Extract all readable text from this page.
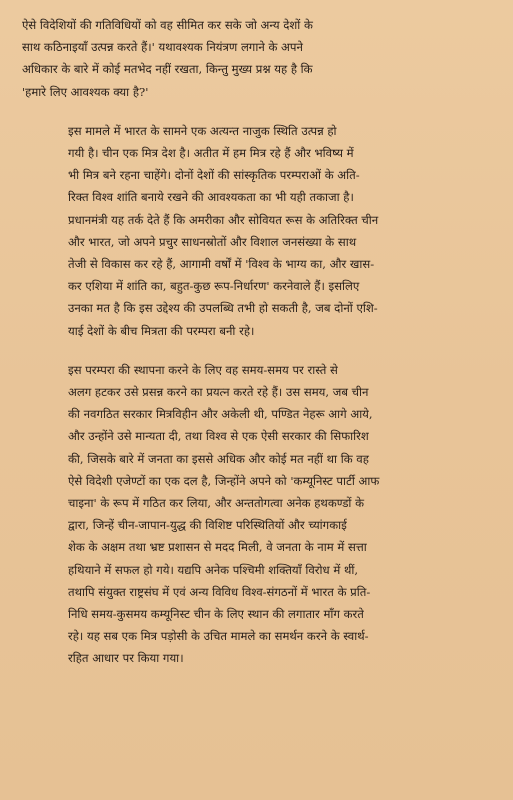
ऐसे विदेशियों की गतिविधियों को वह सीमित कर सके जो अन्य देशों के
साथ कठिनाइयाँ उत्पन्न करते हैं।' यथावश्यक नियंत्रण लगाने के अपने
अधिकार के बारे में कोई मतभेद नहीं रखता, किन्तु मुख्य प्रश्न यह है कि
'हमारे लिए आवश्यक क्या है?'

इस मामले में भारत के सामने एक अत्यन्त नाजुक स्थिति उत्पन्न हो
गयी है। चीन एक मित्र देश है। अतीत में हम मित्र रहे हैं और भविष्य में
भी मित्र बने रहना चाहेंगे। दोनों देशों की सांस्कृतिक परम्पराओं के अति-
रिक्त विश्व शांति बनाये रखने की आवश्यकता का भी यही तकाजा है।
प्रधानमंत्री यह तर्क देते हैं कि अमरीका और सोवियत रूस के अतिरिक्त चीन
और भारत, जो अपने प्रचुर साधनस्रोतों और विशाल जनसंख्या के साथ
तेजी से विकास कर रहे हैं, आगामी वर्षों में 'विश्व के भाग्य का, और खास-
कर एशिया में शांति का, बहुत-कुछ रूप-निर्धारण' करनेवाले हैं। इसलिए
उनका मत है कि इस उद्देश्य की उपलब्धि तभी हो सकती है, जब दोनों एशि-
याई देशों के बीच मित्रता की परम्परा बनी रहे।

इस परम्परा की स्थापना करने के लिए वह समय-समय पर रास्ते से
अलग हटकर उसे प्रसन्न करने का प्रयत्न करते रहे हैं। उस समय, जब चीन
की नवगठित सरकार मित्रविहीन और अकेली थी, पण्डित नेहरू आगे आये,
और उन्होंने उसे मान्यता दी, तथा विश्व से एक ऐसी सरकार की सिफारिश
की, जिसके बारे में जनता का इससे अधिक और कोई मत नहीं था कि वह
ऐसे विदेशी एजेण्टों का एक दल है, जिन्होंने अपने को 'कम्यूनिस्ट पार्टी आफ
चाइना' के रूप में गठित कर लिया, और अन्ततोगत्वा अनेक हथकण्डों के
द्वारा, जिन्हें चीन-जापान-युद्ध की विशिष्ट परिस्थितियों और च्यांगकाई
शेक के अक्षम तथा भ्रष्ट प्रशासन से मदद मिली, वे जनता के नाम में सत्ता
हथियाने में सफल हो गये। यद्यपि अनेक पश्चिमी शक्तियाँ विरोध में थीं,
तथापि संयुक्त राष्ट्रसंघ में एवं अन्य विविध विश्व-संगठनों में भारत के प्रति-
निधि समय-कुसमय कम्यूनिस्ट चीन के लिए स्थान की लगातार माँग करते
रहे। यह सब एक मित्र पड़ोसी के उचित मामले का समर्थन करने के स्वार्थ-
रहित आधार पर किया गया।
